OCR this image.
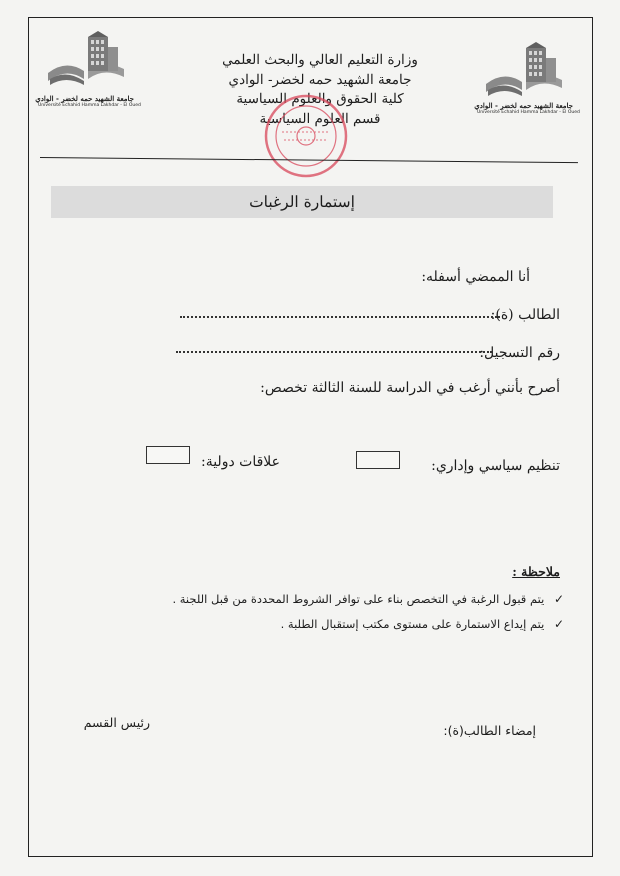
جامعة الشهيد حمه لخضر - الوادي
Université Echahid Hamma Lakhdar - El Oued	جامعة الشهيد حمه لخضر - الوادي
Université Echahid Hamma Lakhdar - El Oued
وزارة التعليم العالي والبحث العلمي
جامعة الشهيد حمه لخضر- الوادي
كلية الحقوق والعلوم السياسية
قسم العلوم السياسية
إستمارة الرغبات
أنا الممضي أسفله:
الطالب (ة):
رقم التسجيل:
أصرح بأنني أرغب في الدراسة للسنة الثالثة تخصص:
تنظيم سياسي وإداري:
علاقات دولية:
ملاحظة :
✓ يتم قبول الرغبة في التخصص بناء على توافر الشروط المحددة من قبل اللجنة .
✓ يتم إيداع الاستمارة على مستوى مكتب إستقبال الطلبة .
إمضاء الطالب(ة):
رئيس القسم
